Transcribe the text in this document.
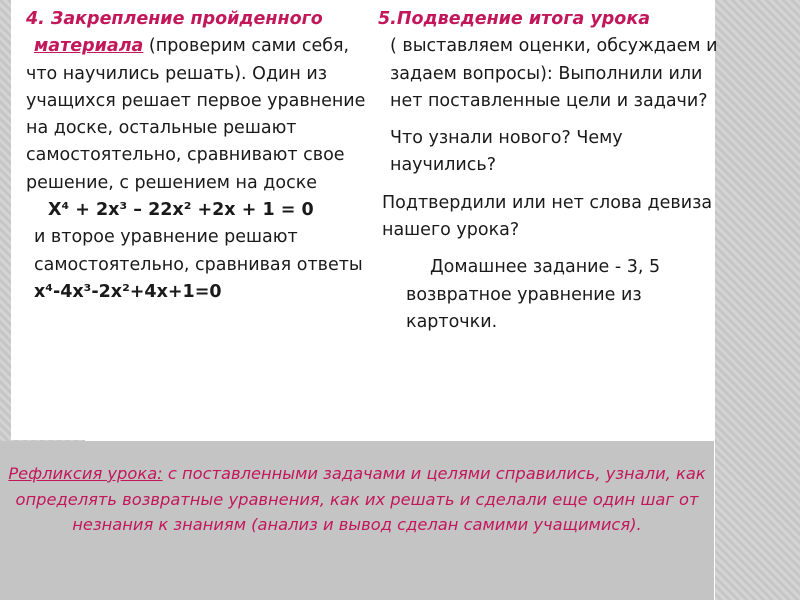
4. Закрепление пройденного
материала (проверим сами себя, что научились решать). Один из учащихся решает первое уравнение на доске, остальные решают самостоятельно, сравнивают свое решение, с решением на доске
Х⁴ + 2х³ – 22х² +2х + 1 = 0
и второе уравнение решают самостоятельно, сравнивая ответы х⁴-4х³-2х²+4х+1=0
5.Подведение итога урока
( выставляем оценки, обсуждаем и задаем вопросы): Выполнили или нет поставленные цели и задачи?
Что узнали нового? Чему научились?
Подтвердили или нет слова девиза нашего урока?
Домашнее задание - 3, 5 возвратное уравнение из карточки.
Рефликсия урока: с поставленными задачами и целями справились, узнали, как определять возвратные уравнения, как их решать и сделали еще один шаг от незнания к знаниям (анализ и вывод сделан самими учащимися).
